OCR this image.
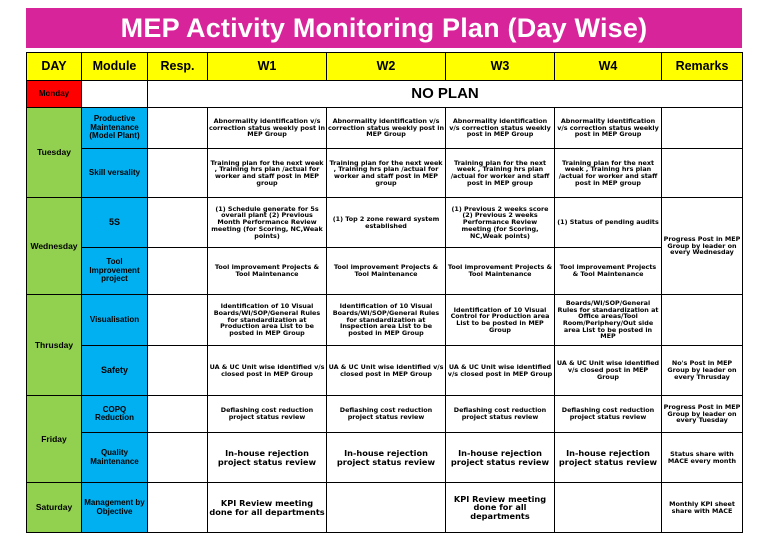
MEP Activity Monitoring Plan (Day Wise)
DAY	Module	Resp.	W1	W2	W3	W4	Remarks
Monday		NO PLAN					
Tuesday	Productive Maintenance (Model Plant)		Abnormality identification v/s correction status weekly post in MEP Group	Abnormality identification v/s correction status weekly post in MEP Group	Abnormality identification v/s correction status weekly post in MEP Group	Abnormality identification v/s correction status weekly post in MEP Group	
	Skill versality		Training plan for the next week , Training hrs plan /actual for worker and staff post in MEP group	Training plan for the next week , Training hrs plan /actual for worker and staff post in MEP group	Training plan for the next week , Training hrs plan /actual for worker and staff post in MEP group	Training plan for the next week , Training hrs plan /actual for worker and staff post in MEP group	
Wednesday	5S		(1) Schedule generate for 5s overall plant (2) Previous Month Performance Review meeting (for Scoring, NC,Weak points)	(1) Top 2 zone reward system established	(1) Previous 2 weeks score (2) Previous 2 weeks Performance Review meeting (for Scoring, NC,Weak points)	(1) Status of pending audits	Progress Post in MEP Group by leader on every Wednesday
	Tool Improvement project		Tool improvement Projects & Tool Maintenance	Tool improvement Projects & Tool Maintenance	Tool improvement Projects & Tool Maintenance	Tool improvement Projects & Tool Maintenance	
Thrusday	Visualisation		Identification of 10 Visual Boards/WI/SOP/General Rules for standardization at Production area List to be posted in MEP Group	Identification of 10 Visual Boards/WI/SOP/General Rules for standardization at Inspection area List to be posted in MEP Group	Identification of 10 Visual Control for Production area List to be posted in MEP Group	Boards/WI/SOP/General Rules for standardization at Office areas/Tool Room/Periphery/Out side area List to be posted in MEP	
	Safety		UA & UC Unit wise identified v/s closed post in MEP Group	UA & UC Unit wise identified v/s closed post in MEP Group	UA & UC Unit wise identified v/s closed post in MEP Group	UA & UC Unit wise identified v/s closed post in MEP Group	No's Post in MEP Group by leader on every Thrusday
Friday	COPQ Reduction		Deflashing cost reduction project status review	Deflashing cost reduction project status review	Deflashing cost reduction project status review	Deflashing cost reduction project status review	Progress Post in MEP Group by leader on every Tuesday
	Quality Maintenance		In-house rejection project status review	In-house rejection project status review	In-house rejection project status review	In-house rejection project status review	Status share with MACE every month
Saturday	Management by Objective		KPI Review meeting done for all departments		KPI Review meeting done for all departments		Monthly KPI sheet share with MACE
